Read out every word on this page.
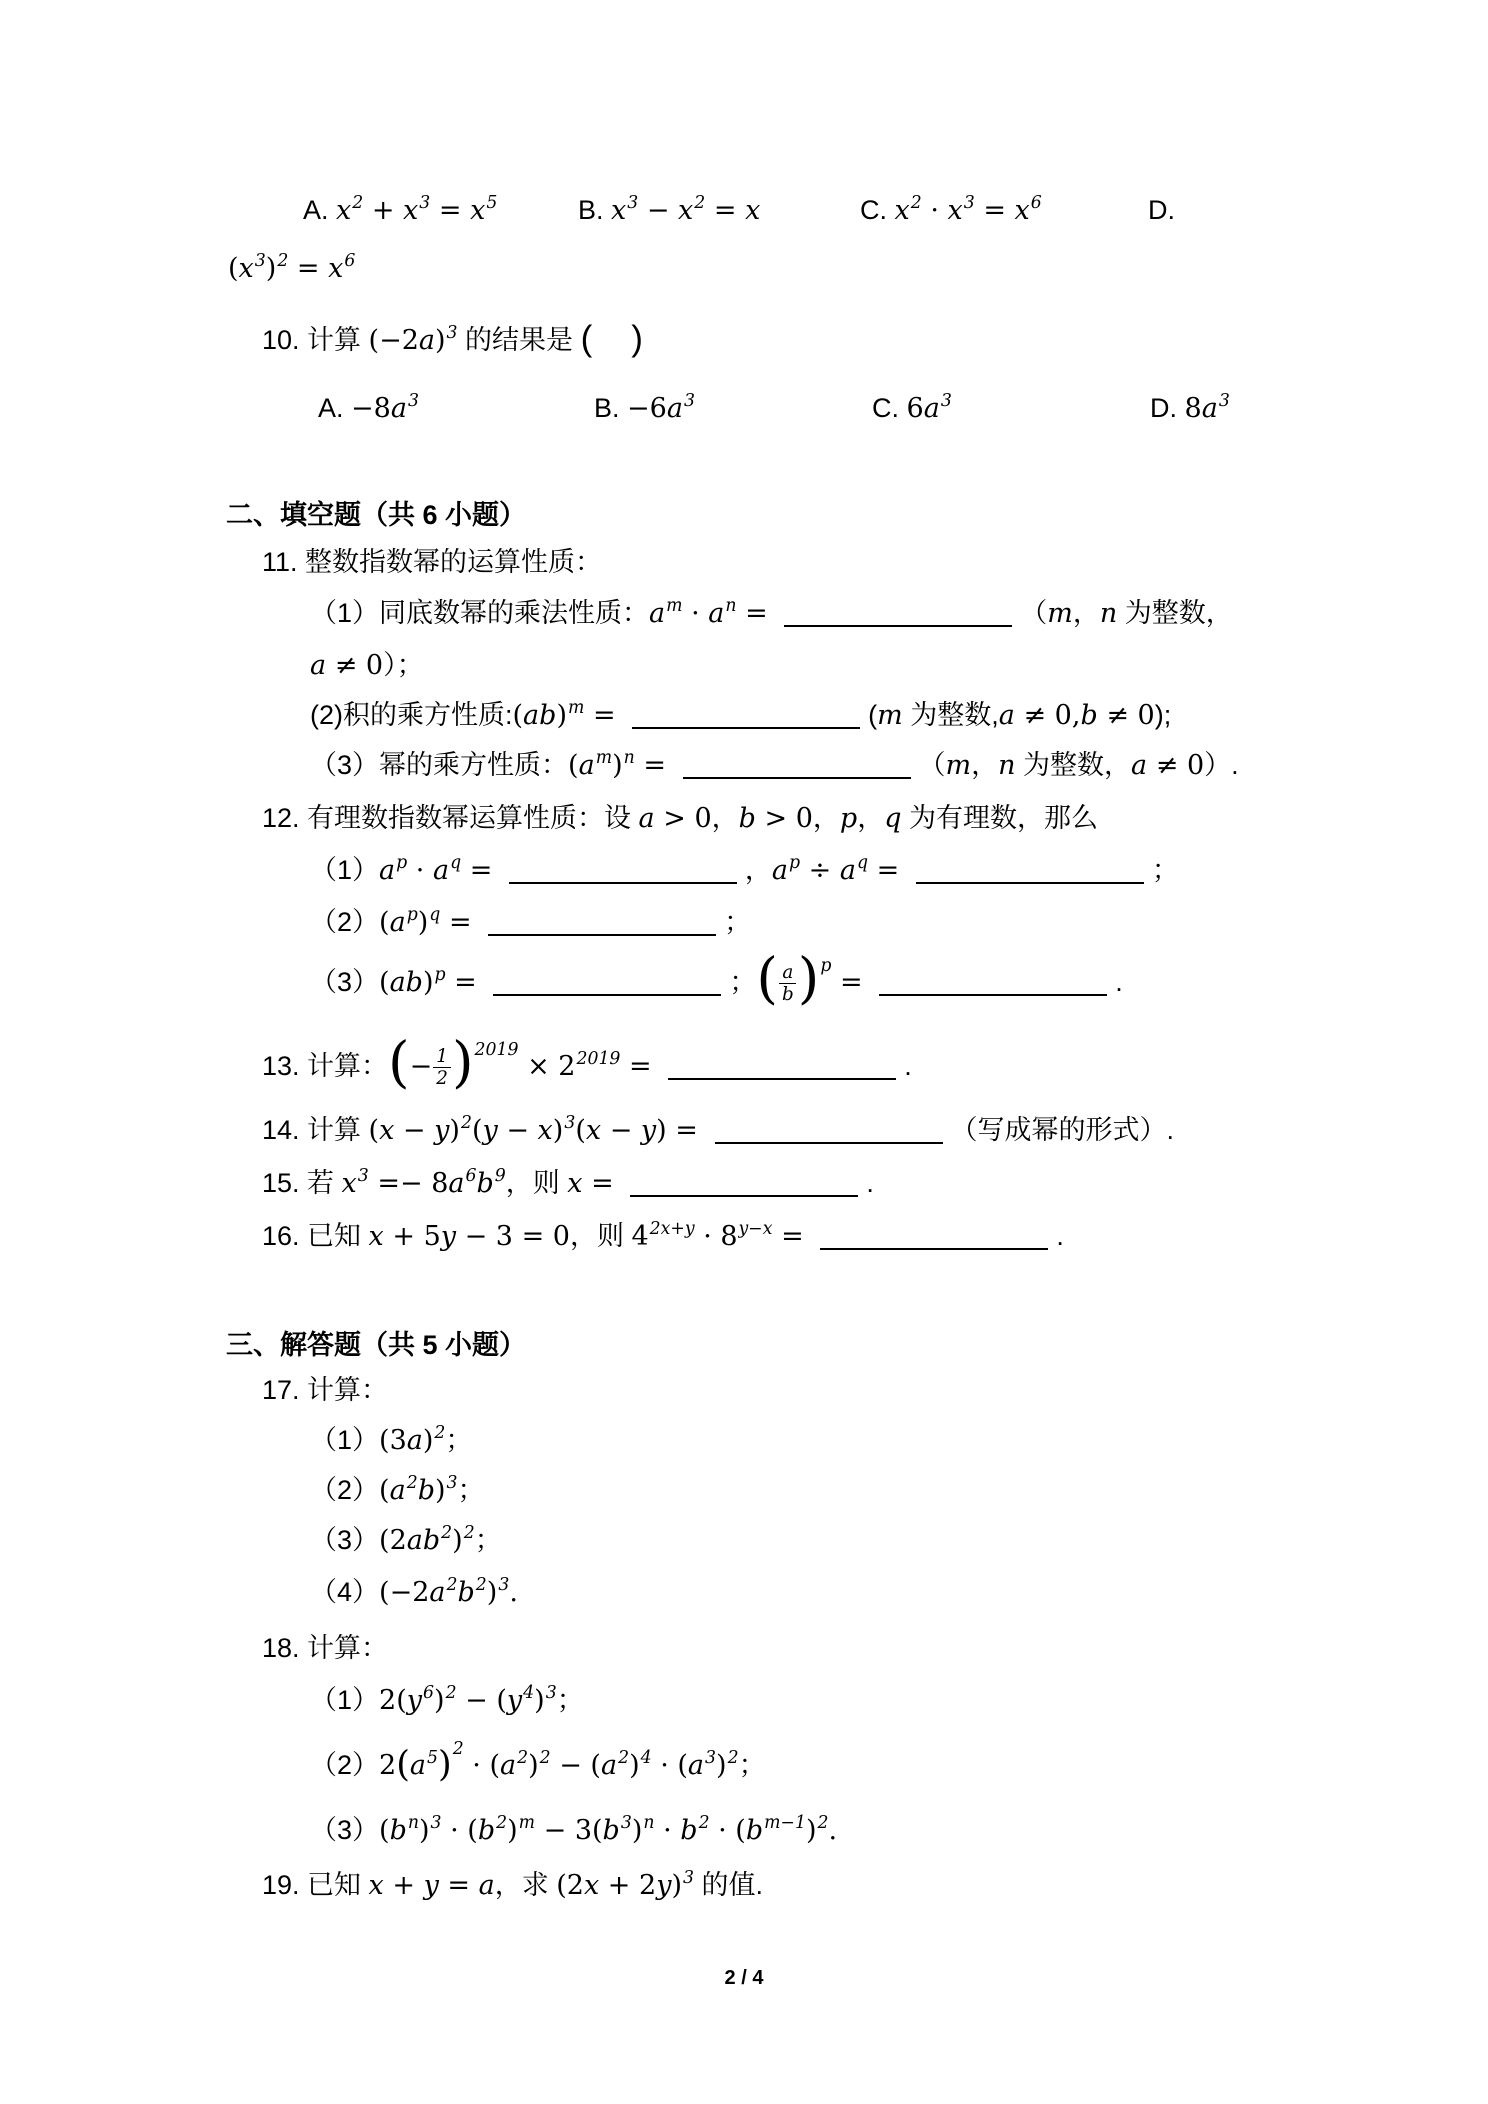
A. $x^2 + x^3 = x^5$	B. $x^3 - x^2 = x$	C. $x^2 \cdot x^3 = x^6$	D.
$(x^3)^2 = x^6$
10. 计算 $(-2a)^3$ 的结果是 (    )
A. $-8a^3$	B. $-6a^3$	C. $6a^3$	D. $8a^3$
二、填空题（共 6 小题）
11. 整数指数幂的运算性质：
（1）同底数幂的乘法性质：$a^m \cdot a^n$ =	（m，n 为整数，
a ≠ 0）；
(2)积的乘方性质:(ab)$^m$ =	(m 为整数,a ≠ 0,b ≠ 0);
（3）幂的乘方性质：$(a^m)^n$ =	（m，n 为整数，a ≠ 0）.
12. 有理数指数幂运算性质：设 a > 0，b > 0，p，q 为有理数，那么
$(1)a^p \cdot a^q$ =	，$a^p \div a^q$ =	；
$(2)(a^p)^q$ =	；
（3）(ab)$^p$ =	；( $\frac{a}{b} )^p$ =	.
13. 计算：(− $\frac{1}{2} )^{2019} \times 2^{2019}$ =	.
14. 计算 $(x - y)^2(y - x)^3(x - y)$ =	（写成幂的形式）.
15. 若 $x^3 =- 8a^6b^9$，则 x =	.
16. 已知 x + 5y − 3 = 0，则 $4^{2x+y} \cdot 8^{y-x}$ =	.
三、解答题（共 5 小题）
17. 计算：
$(1)(3a)^2$；
$(2)(a^2b)^3$；
$(3)(2ab^2)^2$；
$(4)(-2a^2b^2)^3$.
18. 计算：
$(1)2(y^6)^2 - (y^4)^3$；
$(2)2(a^5)^2 \cdot (a^2)^2 - (a^2)^4 \cdot (a^3)^2$；
$(3)(b^n)^3 \cdot (b^2)^m - 3(b^3)^n \cdot b^2 \cdot (b^{m-1})^2$.
19. 已知 x + y = a，求 $(2x + 2y)^3$ 的值.
2 / 4
